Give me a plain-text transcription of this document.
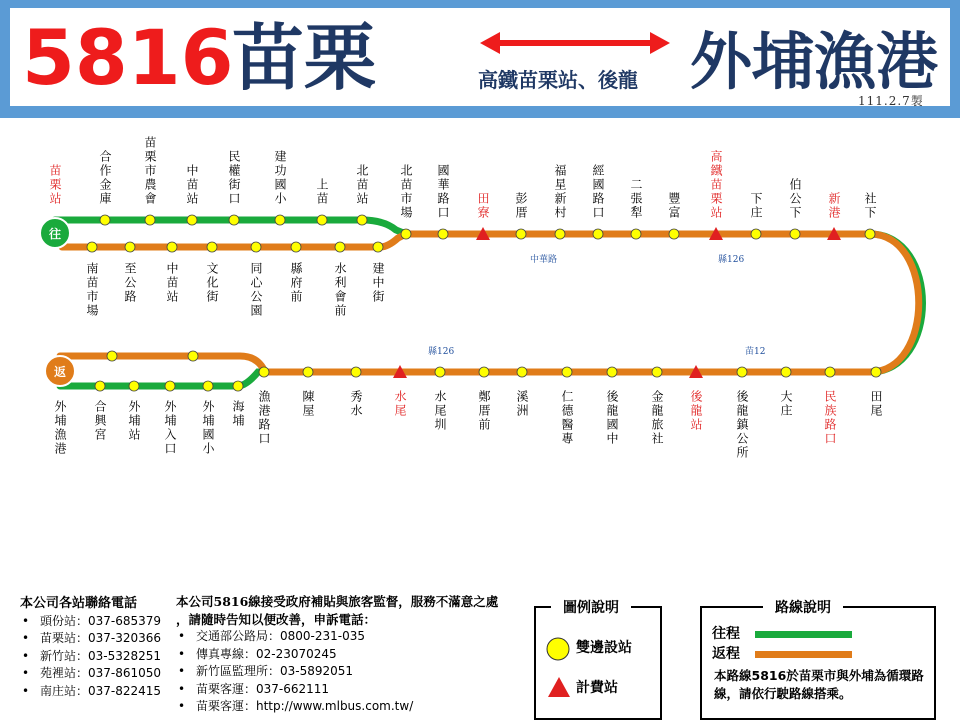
5816
苗栗	高鐵苗栗站、後龍 外埔漁港
111.2.7製
往
返
苗栗站	合作金庫	苗栗市農會 中苗站 民權街口	建功國小 上苗 北苗站
南苗市場 至公路 中苗站 文化街	同心公園 縣府前	水利會前 建中街
北苗市場 國華路口 田寮 彭厝 福星新村 經國路口 二張犁 豐富 高鐵苗栗站 下庄 伯公下 新港 社下
田尾
民族路口
大庄
後龍鎮公所
後龍站
金龍旅社
後龍國中
仁德醫專
溪洲
鄭厝前
水尾圳
水尾
秀水
陳屋
漁港路口
海埔
外埔國小
外埔入口
外埔站
合興宮
外埔漁港
中華路	縣126
縣126	苗12
本公司各站聯絡電話
• 頭份站：037-685379
• 苗栗站：037-320366
• 新竹站：03-5328251
• 苑裡站：037-861050
• 南庄站：037-822415
本公司5816線接受政府補貼與旅客監督，服務不滿意之處
，請隨時告知以便改善，申訴電話：
• 交通部公路局：0800-231-035
• 傳真專線：02-23070245
• 新竹區監理所：03-5892051
• 苗栗客運：037-662111
• 苗栗客運：http://www.mlbus.com.tw/
圖例說明
雙邊設站
計費站
路線說明
往程
返程
本路線5816於苗栗市與外埔為循環路線，請依行駛路線搭乘。
